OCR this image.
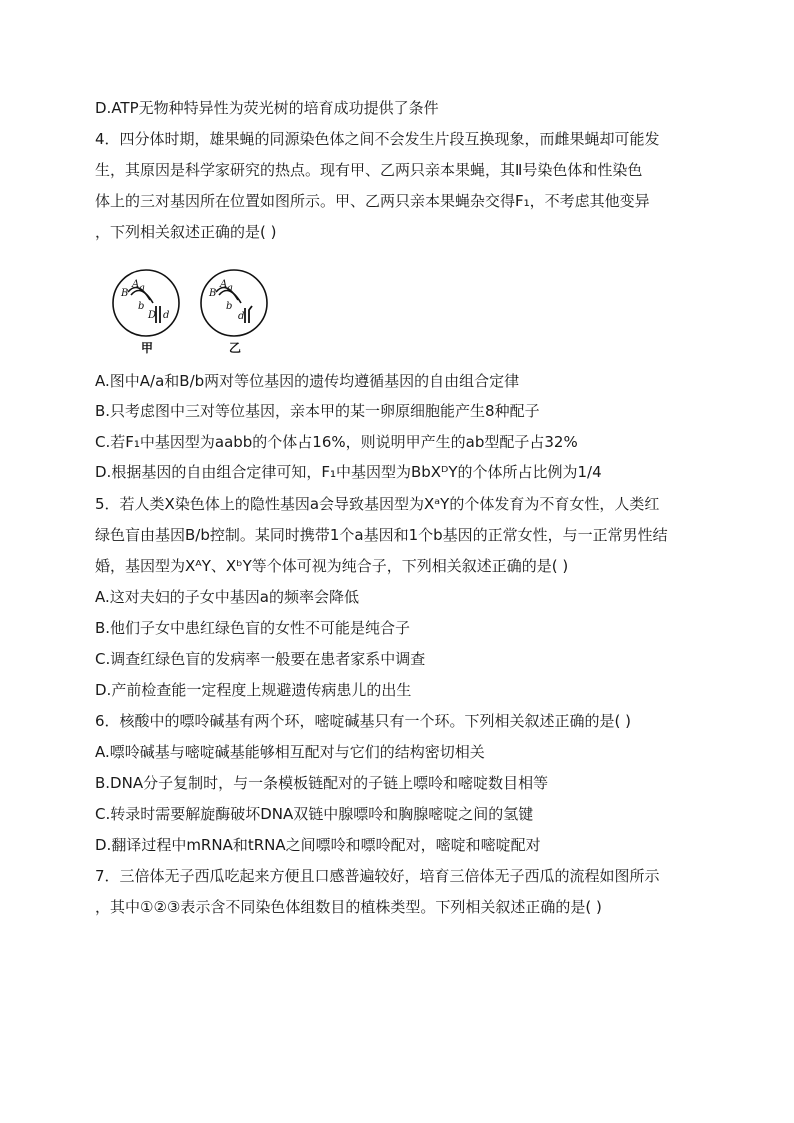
D.ATP无物种特异性为荧光树的培育成功提供了条件
4．四分体时期，雄果蝇的同源染色体之间不会发生片段互换现象，而雌果蝇却可能发
生，其原因是科学家研究的热点。现有甲、乙两只亲本果蝇，其Ⅱ号染色体和性染色
体上的三对基因所在位置如图所示。甲、乙两只亲本果蝇杂交得F₁，不考虑其他变异
，下列相关叙述正确的是( )
B
A a
b
D d
甲
B
A a
b
d
乙
A.图中A/a和B/b两对等位基因的遗传均遵循基因的自由组合定律
B.只考虑图中三对等位基因，亲本甲的某一卵原细胞能产生8种配子
C.若F₁中基因型为aabb的个体占16%，则说明甲产生的ab型配子占32%
D.根据基因的自由组合定律可知，F₁中基因型为BbXᴰY的个体所占比例为1/4
5．若人类X染色体上的隐性基因a会导致基因型为XᵃY的个体发育为不育女性，人类红
绿色盲由基因B/b控制。某同时携带1个a基因和1个b基因的正常女性，与一正常男性结
婚，基因型为XᴬY、XᵇY等个体可视为纯合子，下列相关叙述正确的是( )
A.这对夫妇的子女中基因a的频率会降低
B.他们子女中患红绿色盲的女性不可能是纯合子
C.调查红绿色盲的发病率一般要在患者家系中调查
D.产前检查能一定程度上规避遗传病患儿的出生
6．核酸中的嘌呤碱基有两个环，嘧啶碱基只有一个环。下列相关叙述正确的是( )
A.嘌呤碱基与嘧啶碱基能够相互配对与它们的结构密切相关
B.DNA分子复制时，与一条模板链配对的子链上嘌呤和嘧啶数目相等
C.转录时需要解旋酶破坏DNA双链中腺嘌呤和胸腺嘧啶之间的氢键
D.翻译过程中mRNA和tRNA之间嘌呤和嘌呤配对，嘧啶和嘧啶配对
7．三倍体无子西瓜吃起来方便且口感普遍较好，培育三倍体无子西瓜的流程如图所示
，其中①②③表示含不同染色体组数目的植株类型。下列相关叙述正确的是( )
